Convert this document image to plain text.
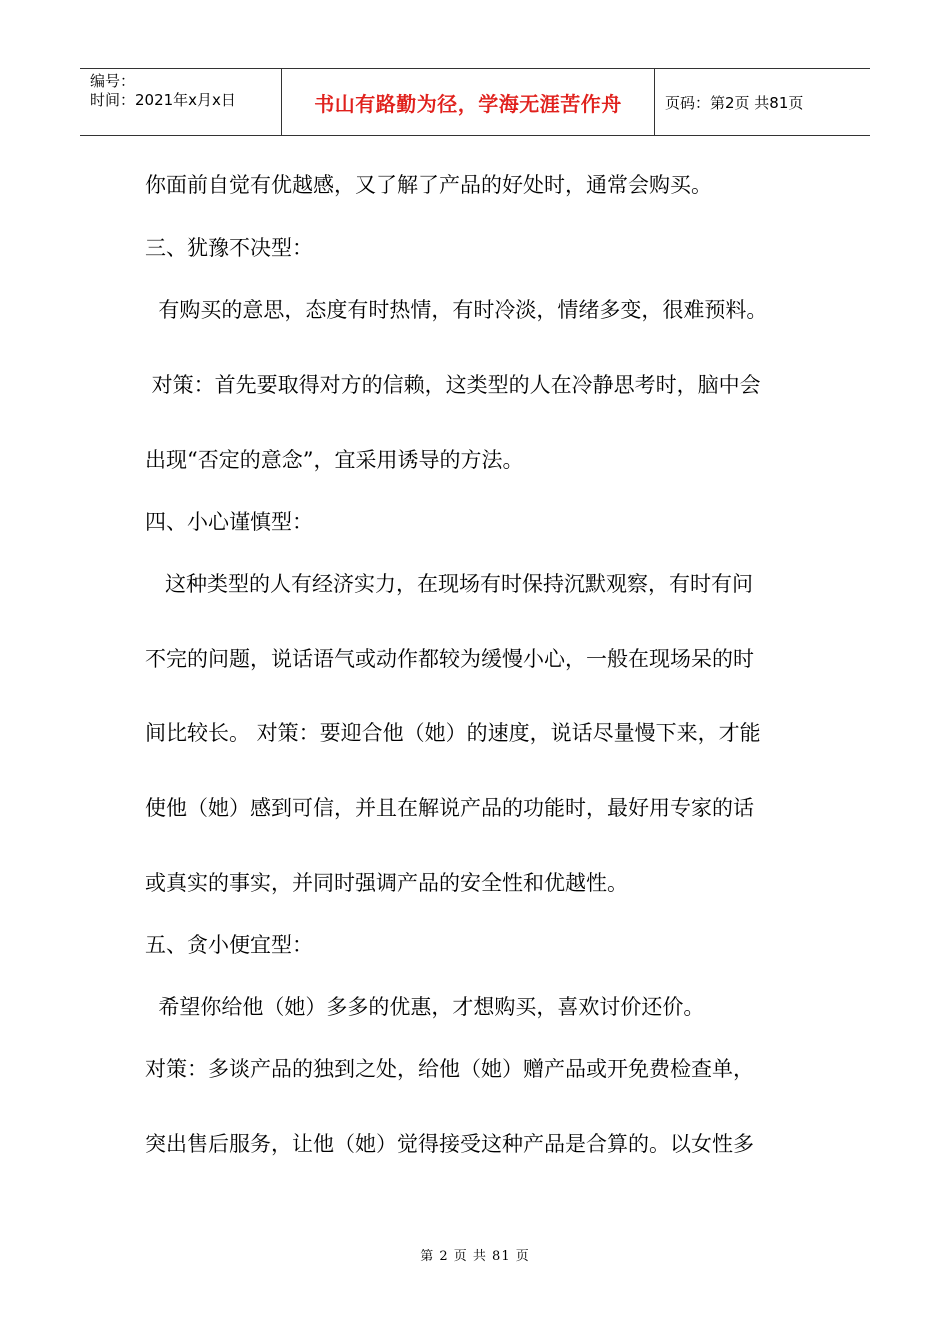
编号：
时间：2021年x月x日	书山有路勤为径，学海无涯苦作舟	页码：第2页 共81页
你面前自觉有优越感，又了解了产品的好处时，通常会购买。
三、犹豫不决型：
有购买的意思，态度有时热情，有时冷淡，情绪多变，很难预料。
对策：首先要取得对方的信赖，这类型的人在冷静思考时，脑中会
出现“否定的意念”，宜采用诱导的方法。
四、小心谨慎型：
这种类型的人有经济实力，在现场有时保持沉默观察，有时有问
不完的问题，说话语气或动作都较为缓慢小心，一般在现场呆的时
间比较长。 对策：要迎合他（她）的速度，说话尽量慢下来，才能
使他（她）感到可信，并且在解说产品的功能时，最好用专家的话
或真实的事实，并同时强调产品的安全性和优越性。
五、贪小便宜型：
希望你给他（她）多多的优惠，才想购买，喜欢讨价还价。
对策：多谈产品的独到之处，给他（她）赠产品或开免费检查单，
突出售后服务，让他（她）觉得接受这种产品是合算的。以女性多
第 2 页 共 81 页
